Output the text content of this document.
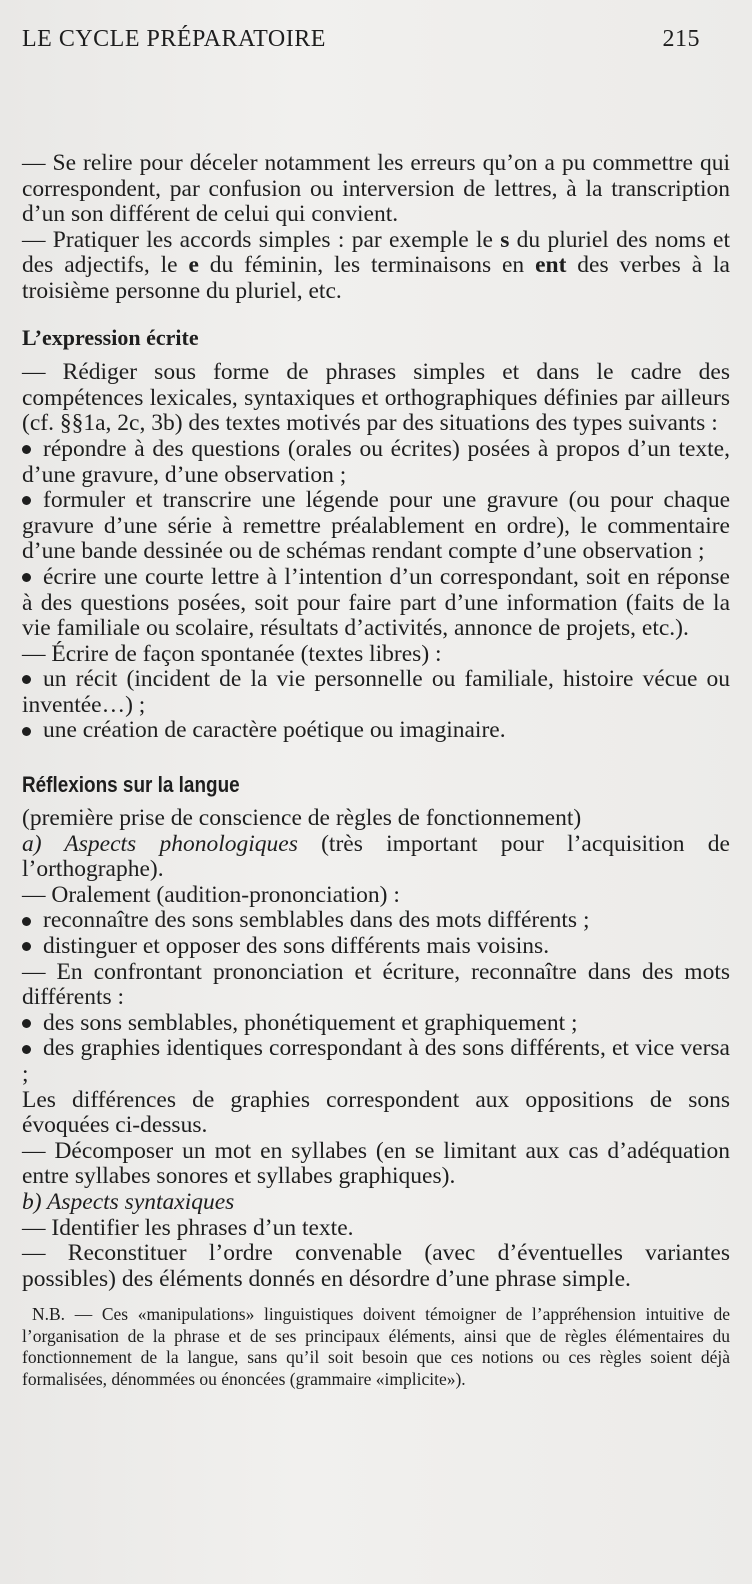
LE CYCLE PRÉPARATOIRE	215

— Se relire pour déceler notamment les erreurs qu’on a pu commettre qui correspondent, par confusion ou interversion de lettres, à la transcription d’un son différent de celui qui convient.

— Pratiquer les accords simples : par exemple le s du pluriel des noms et des adjectifs, le e du féminin, les terminaisons en ent des verbes à la troisième personne du pluriel, etc.

L’expression écrite

— Rédiger sous forme de phrases simples et dans le cadre des compétences lexicales, syntaxiques et orthographiques définies par ailleurs (cf. §§1a, 2c, 3b) des textes motivés par des situations des types suivants :

répondre à des questions (orales ou écrites) posées à propos d’un texte, d’une gravure, d’une observation ;

formuler et transcrire une légende pour une gravure (ou pour chaque gravure d’une série à remettre préalablement en ordre), le commentaire d’une bande dessinée ou de schémas rendant compte d’une observation ;

écrire une courte lettre à l’intention d’un correspondant, soit en réponse à des questions posées, soit pour faire part d’une information (faits de la vie familiale ou scolaire, résultats d’activités, annonce de projets, etc.).

— Écrire de façon spontanée (textes libres) :

un récit (incident de la vie personnelle ou familiale, histoire vécue ou inventée…) ;

une création de caractère poétique ou imaginaire.

Réflexions sur la langue

(première prise de conscience de règles de fonctionnement)

a) Aspects phonologiques (très important pour l’acquisition de l’orthographe).

— Oralement (audition-prononciation) :

reconnaître des sons semblables dans des mots différents ;

distinguer et opposer des sons différents mais voisins.

— En confrontant prononciation et écriture, reconnaître dans des mots différents :

des sons semblables, phonétiquement et graphiquement ;

des graphies identiques correspondant à des sons différents, et vice versa ;

Les différences de graphies correspondent aux oppositions de sons évoquées ci-dessus.

— Décomposer un mot en syllabes (en se limitant aux cas d’adéquation entre syllabes sonores et syllabes graphiques).

b) Aspects syntaxiques

— Identifier les phrases d’un texte.

— Reconstituer l’ordre convenable (avec d’éventuelles variantes possibles) des éléments donnés en désordre d’une phrase simple.

N.B. — Ces «manipulations» linguistiques doivent témoigner de l’appréhension intuitive de l’organisation de la phrase et de ses principaux éléments, ainsi que de règles élémentaires du fonctionnement de la langue, sans qu’il soit besoin que ces notions ou ces règles soient déjà formalisées, dénommées ou énoncées (grammaire «implicite»).
